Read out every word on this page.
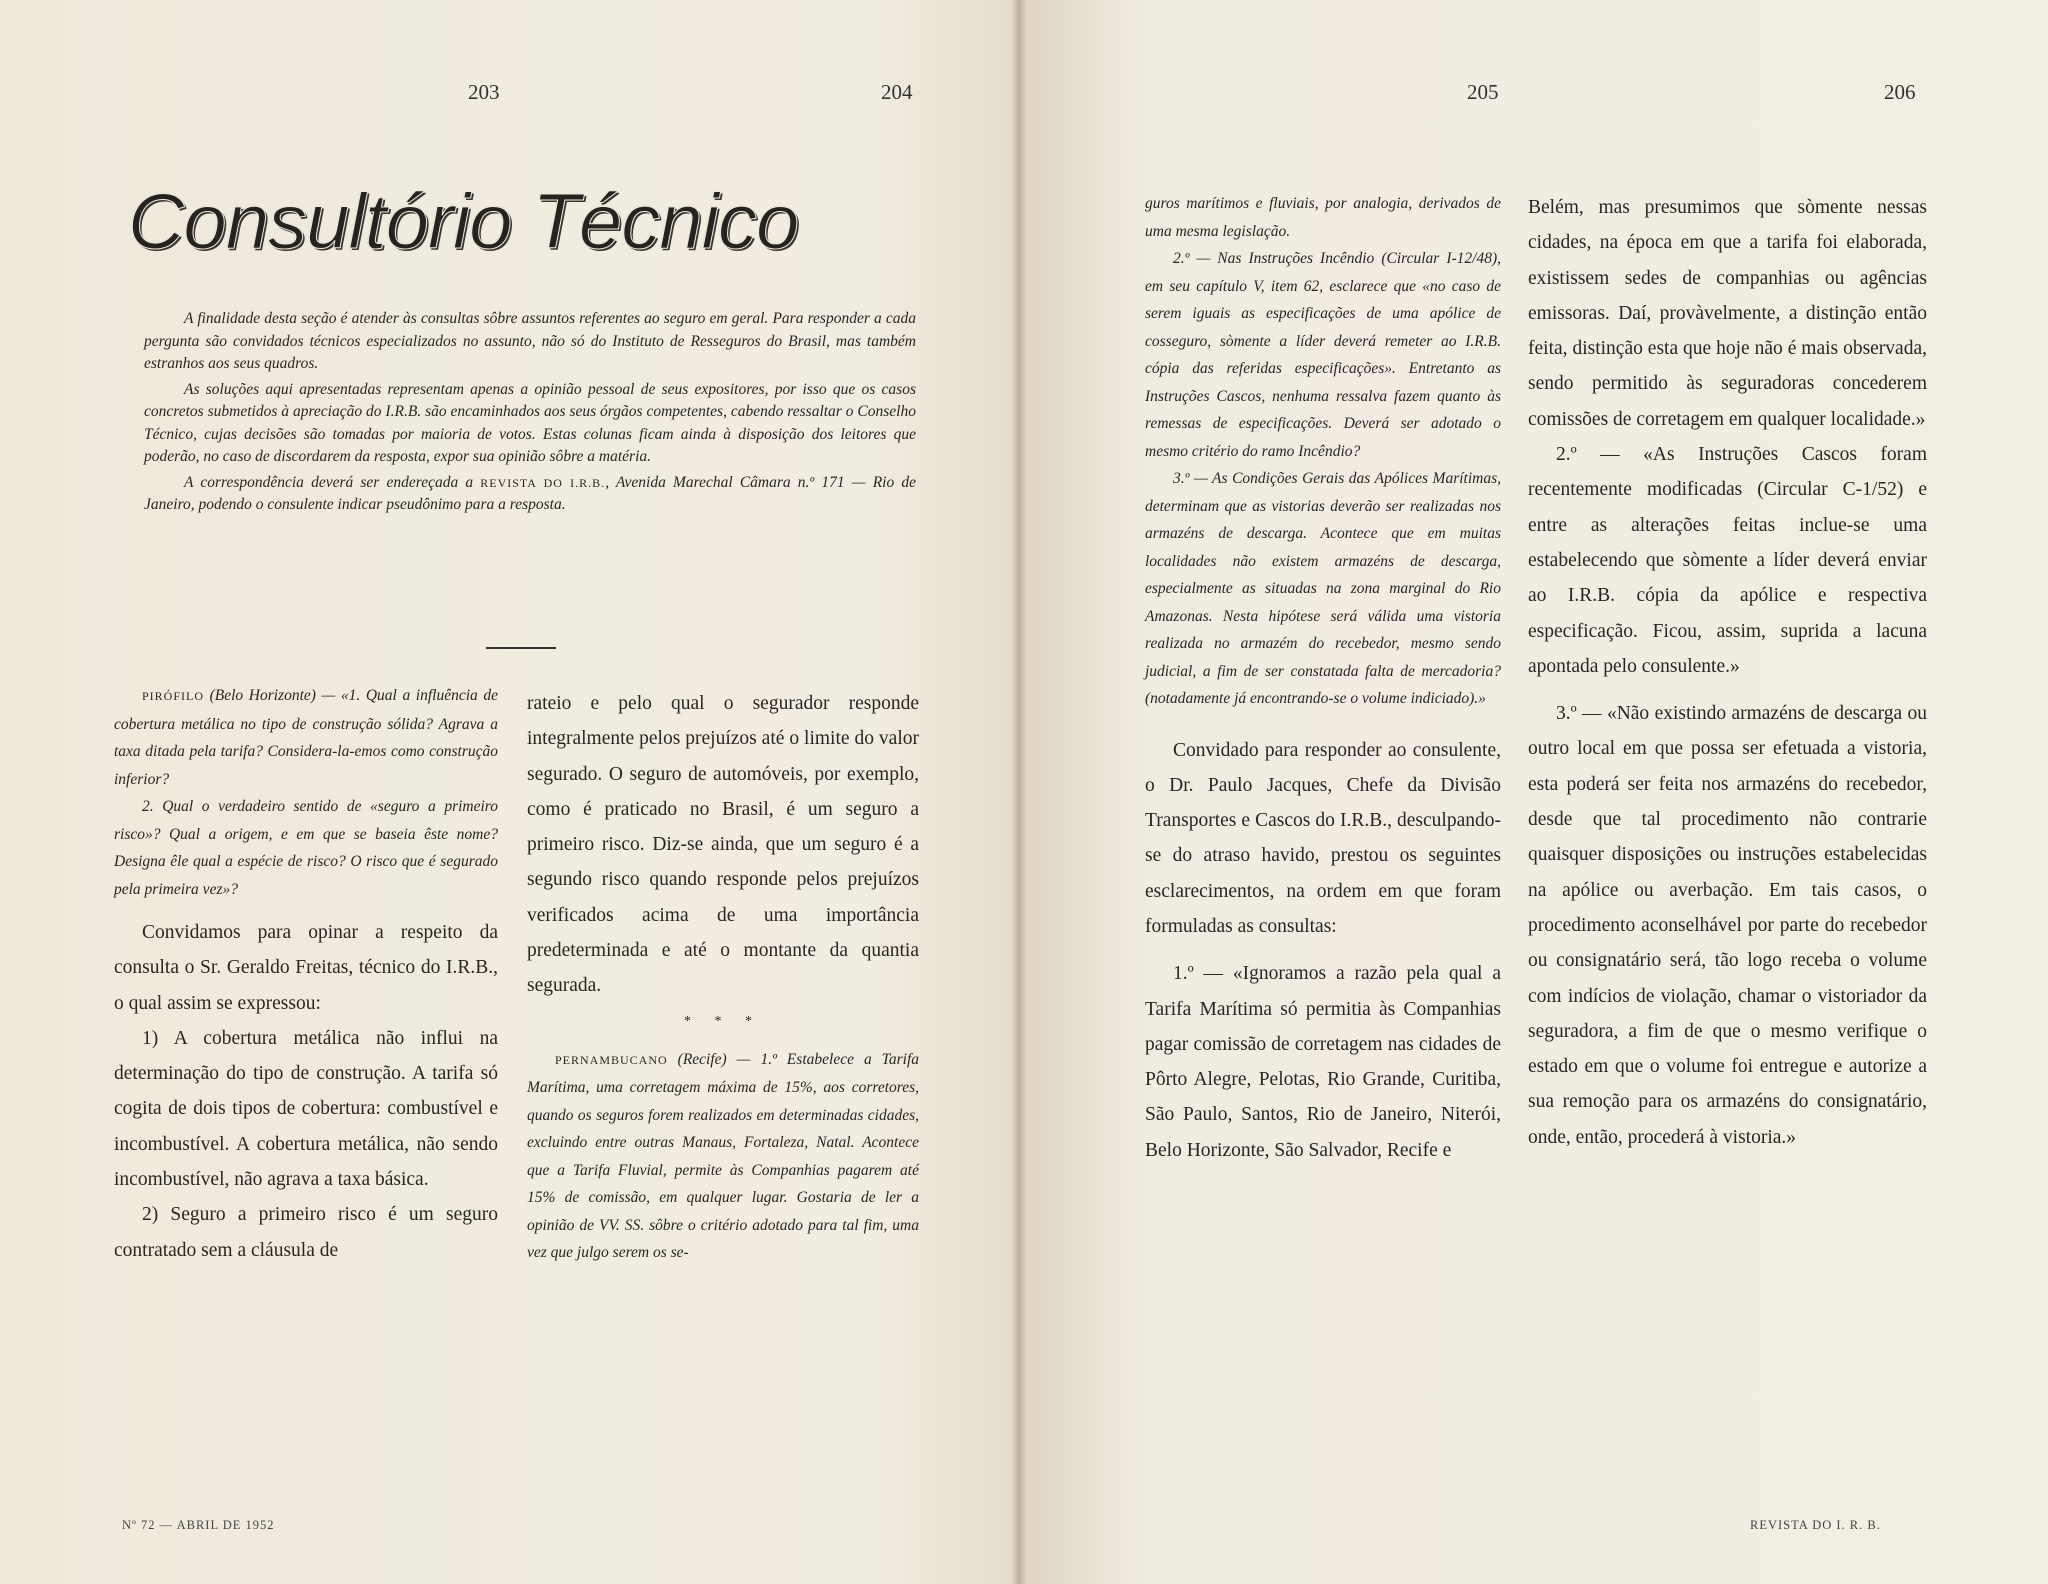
203	204	205	206
Consultório Técnico

A finalidade desta seção é atender às consultas sôbre assuntos referentes ao seguro em geral. Para responder a cada pergunta são convidados técnicos especializados no assunto, não só do Instituto de Resseguros do Brasil, mas também estranhos aos seus quadros.

As soluções aqui apresentadas representam apenas a opinião pessoal de seus expositores, por isso que os casos concretos submetidos à apreciação do I.R.B. são encaminhados aos seus órgãos competentes, cabendo ressaltar o Conselho Técnico, cujas decisões são tomadas por maioria de votos. Estas colunas ficam ainda à disposição dos leitores que poderão, no caso de discordarem da resposta, expor sua opinião sôbre a matéria.

A correspondência deverá ser endereçada a REVISTA DO I.R.B., Avenida Marechal Câmara n.º 171 — Rio de Janeiro, podendo o consulente indicar pseudônimo para a resposta.

PIRÓFILO (Belo Horizonte) — «1. Qual a influência de cobertura metálica no tipo de construção sólida? Agrava a taxa ditada pela tarifa? Considera-la-emos como construção inferior?

2. Qual o verdadeiro sentido de «seguro a primeiro risco»? Qual a origem, e em que se baseia êste nome? Designa êle qual a espécie de risco? O risco que é segurado pela primeira vez»?

Convidamos para opinar a respeito da consulta o Sr. Geraldo Freitas, técnico do I.R.B., o qual assim se expressou:

1) A cobertura metálica não influi na determinação do tipo de construção. A tarifa só cogita de dois tipos de cobertura: combustível e incombustível. A cobertura metálica, não sendo incombustível, não agrava a taxa básica.

2) Seguro a primeiro risco é um seguro contratado sem a cláusula de

rateio e pelo qual o segurador responde integralmente pelos prejuízos até o limite do valor segurado. O seguro de automóveis, por exemplo, como é praticado no Brasil, é um seguro a primeiro risco. Diz-se ainda, que um seguro é a segundo risco quando responde pelos prejuízos verificados acima de uma importância predeterminada e até o montante da quantia segurada.

* * *

PERNAMBUCANO (Recife) — 1.º Estabelece a Tarifa Marítima, uma corretagem máxima de 15%, aos corretores, quando os seguros forem realizados em determinadas cidades, excluindo entre outras Manaus, Fortaleza, Natal. Acontece que a Tarifa Fluvial, permite às Companhias pagarem até 15% de comissão, em qualquer lugar. Gostaria de ler a opinião de VV. SS. sôbre o critério adotado para tal fim, uma vez que julgo serem os se-

guros marítimos e fluviais, por analogia, derivados de uma mesma legislação.

2.º — Nas Instruções Incêndio (Circular I-12/48), em seu capítulo V, item 62, esclarece que «no caso de serem iguais as especificações de uma apólice de cosseguro, sòmente a líder deverá remeter ao I.R.B. cópia das referidas especificações». Entretanto as Instruções Cascos, nenhuma ressalva fazem quanto às remessas de especificações. Deverá ser adotado o mesmo critério do ramo Incêndio?

3.º — As Condições Gerais das Apólices Marítimas, determinam que as vistorias deverão ser realizadas nos armazéns de descarga. Acontece que em muitas localidades não existem armazéns de descarga, especialmente as situadas na zona marginal do Rio Amazonas. Nesta hipótese será válida uma vistoria realizada no armazém do recebedor, mesmo sendo judicial, a fim de ser constatada falta de mercadoria? (notadamente já encontrando-se o volume indiciado).»

Convidado para responder ao consulente, o Dr. Paulo Jacques, Chefe da Divisão Transportes e Cascos do I.R.B., desculpando-se do atraso havido, prestou os seguintes esclarecimentos, na ordem em que foram formuladas as consultas:

1.º — «Ignoramos a razão pela qual a Tarifa Marítima só permitia às Companhias pagar comissão de corretagem nas cidades de Pôrto Alegre, Pelotas, Rio Grande, Curitiba, São Paulo, Santos, Rio de Janeiro, Niterói, Belo Horizonte, São Salvador, Recife e

Belém, mas presumimos que sòmente nessas cidades, na época em que a tarifa foi elaborada, existissem sedes de companhias ou agências emissoras. Daí, provàvelmente, a distinção então feita, distinção esta que hoje não é mais observada, sendo permitido às seguradoras concederem comissões de corretagem em qualquer localidade.»

2.º — «As Instruções Cascos foram recentemente modificadas (Circular C-1/52) e entre as alterações feitas inclue-se uma estabelecendo que sòmente a líder deverá enviar ao I.R.B. cópia da apólice e respectiva especificação. Ficou, assim, suprida a lacuna apontada pelo consulente.»

3.º — «Não existindo armazéns de descarga ou outro local em que possa ser efetuada a vistoria, esta poderá ser feita nos armazéns do recebedor, desde que tal procedimento não contrarie quaisquer disposições ou instruções estabelecidas na apólice ou averbação. Em tais casos, o procedimento aconselhável por parte do recebedor ou consignatário será, tão logo receba o volume com indícios de violação, chamar o vistoriador da seguradora, a fim de que o mesmo verifique o estado em que o volume foi entregue e autorize a sua remoção para os armazéns do consignatário, onde, então, procederá à vistoria.»

Nº 72 — ABRIL DE 1952	REVISTA DO I. R. B.
